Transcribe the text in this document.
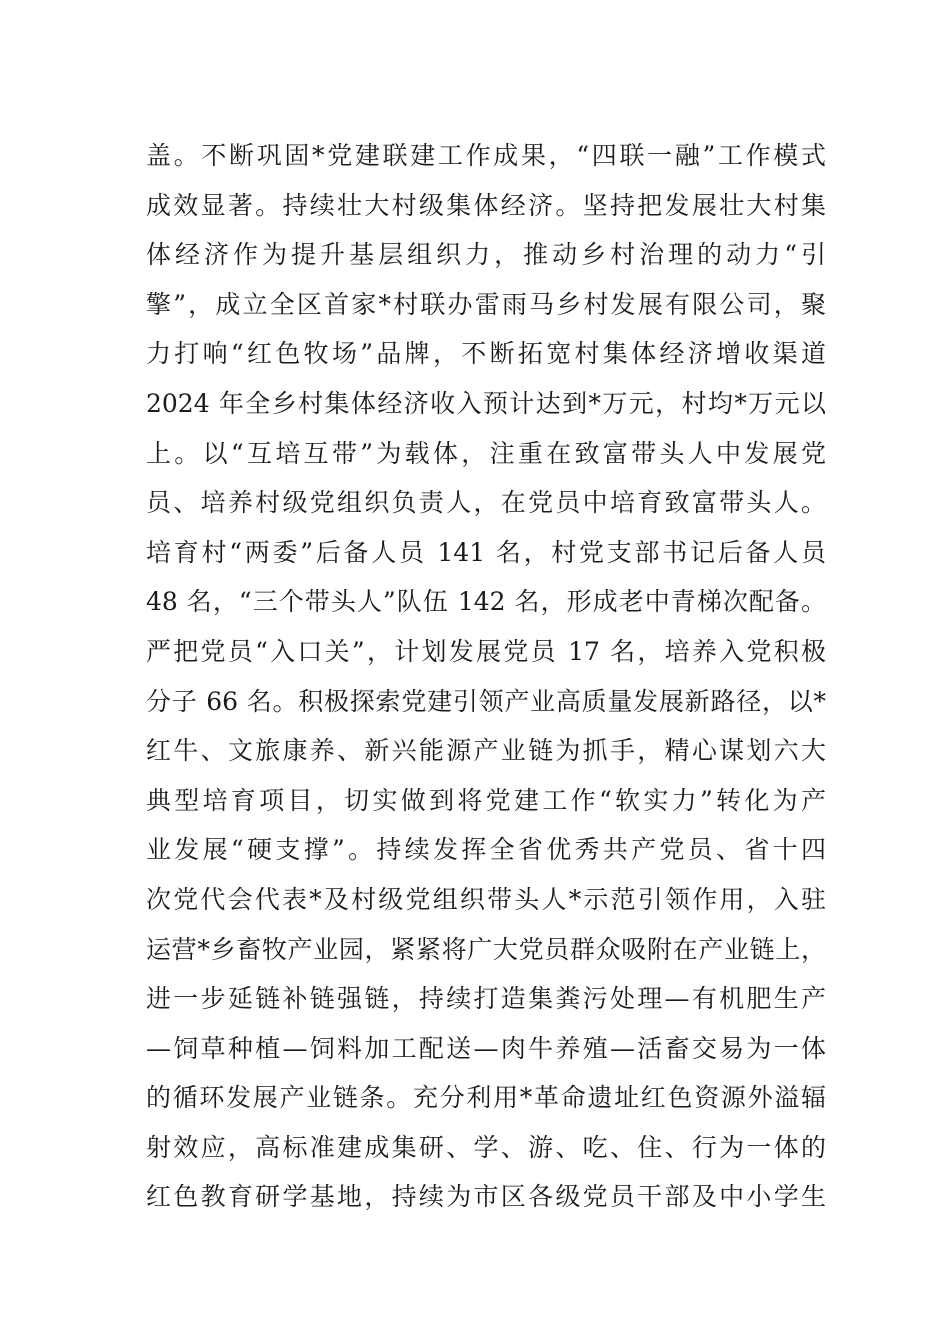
盖。不断巩固*党建联建工作成果，“四联一融”工作模式
成效显著。持续壮大村级集体经济。坚持把发展壮大村集
体经济作为提升基层组织力，推动乡村治理的动力“引
擎”，成立全区首家*村联办雷雨马乡村发展有限公司，聚
力打响“红色牧场”品牌，不断拓宽村集体经济增收渠道
2024 年全乡村集体经济收入预计达到*万元，村均*万元以
上。以“互培互带”为载体，注重在致富带头人中发展党
员、培养村级党组织负责人，在党员中培育致富带头人。
培育村“两委”后备人员 141 名，村党支部书记后备人员
48 名，“三个带头人”队伍 142 名，形成老中青梯次配备。
严把党员“入口关”，计划发展党员 17 名，培养入党积极
分子 66 名。积极探索党建引领产业高质量发展新路径，以*
红牛、文旅康养、新兴能源产业链为抓手，精心谋划六大
典型培育项目，切实做到将党建工作“软实力”转化为产
业发展“硬支撑”。持续发挥全省优秀共产党员、省十四
次党代会代表*及村级党组织带头人*示范引领作用，入驻
运营*乡畜牧产业园，紧紧将广大党员群众吸附在产业链上，
进一步延链补链强链，持续打造集粪污处理—有机肥生产
—饲草种植—饲料加工配送—肉牛养殖—活畜交易为一体
的循环发展产业链条。充分利用*革命遗址红色资源外溢辐
射效应，高标准建成集研、学、游、吃、住、行为一体的
红色教育研学基地，持续为市区各级党员干部及中小学生
